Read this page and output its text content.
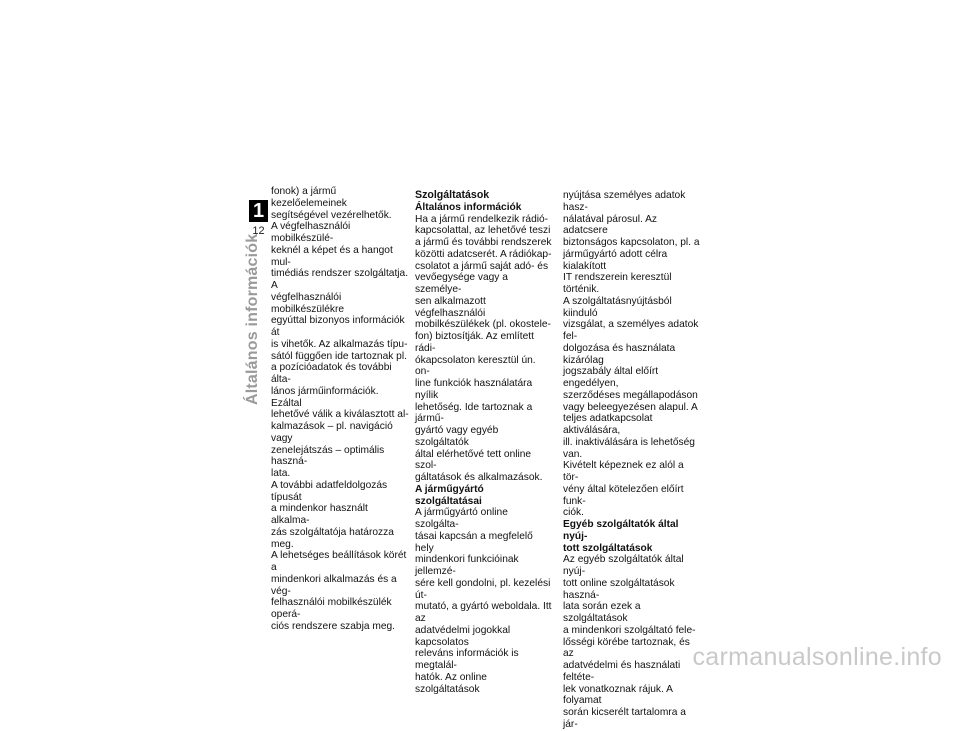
1
12
Általános információk

fonok) a jármű kezelőelemeinek
segítségével vezérelhetők.
A végfelhasználói mobilkészülé-
keknél a képet és a hangot mul-
timédiás rendszer szolgáltatja. A
végfelhasználói mobilkészülékre
egyúttal bizonyos információk át
is vihetők. Az alkalmazás típu-
sától függően ide tartoznak pl.
a pozícióadatok és további álta-
lános járműinformációk. Ezáltal
lehetővé válik a kiválasztott al-
kalmazások – pl. navigáció vagy
zenelejátszás – optimális haszná-
lata.

A további adatfeldolgozás típusát
a mindenkor használt alkalma-
zás szolgáltatója határozza meg.
A lehetséges beállítások körét a
mindenkori alkalmazás és a vég-
felhasználói mobilkészülék operá-
ciós rendszere szabja meg.

Szolgáltatások

Általános információk

Ha a jármű rendelkezik rádió-
kapcsolattal, az lehetővé teszi
a jármű és további rendszerek
közötti adatcserét. A rádiókap-
csolatot a jármű saját adó- és
vevőegysége vagy a személye-
sen alkalmazott végfelhasználói
mobilkészülékek (pl. okostele-
fon) biztosítják. Az említett rádi-
ókapcsolaton keresztül ún. on-
line funkciók használatára nyílik
lehetőség. Ide tartoznak a jármű-
gyártó vagy egyéb szolgáltatók
által elérhetővé tett online szol-
gáltatások és alkalmazások.

A járműgyártó szolgáltatásai

A járműgyártó online szolgálta-
tásai kapcsán a megfelelő hely
mindenkori funkcióinak jellemzé-
sére kell gondolni, pl. kezelési út-
mutató, a gyártó weboldala. Itt az
adatvédelmi jogokkal kapcsolatos
releváns információk is megtalál-
hatók. Az online szolgáltatások

nyújtása személyes adatok hasz-
nálatával párosul. Az adatcsere
biztonságos kapcsolaton, pl. a
járműgyártó adott célra kialakított
IT rendszerein keresztül történik.
A szolgáltatásnyújtásból kiinduló
vizsgálat, a személyes adatok fel-
dolgozása és használata kizárólag
jogszabály által előírt engedélyen,
szerződéses megállapodáson
vagy beleegyezésen alapul. A
teljes adatkapcsolat aktiválására,
ill. inaktiválására is lehetőség van.
Kivételt képeznek ez alól a tör-
vény által kötelezően előírt funk-
ciók.

Egyéb szolgáltatók által nyúj-
tott szolgáltatások

Az egyéb szolgáltatók által nyúj-
tott online szolgáltatások haszná-
lata során ezek a szolgáltatások
a mindenkori szolgáltató fele-
lősségi körébe tartoznak, és az
adatvédelmi és használati feltéte-
lek vonatkoznak rájuk. A folyamat
során kicserélt tartalomra a jár-

carmanualsonline.info
